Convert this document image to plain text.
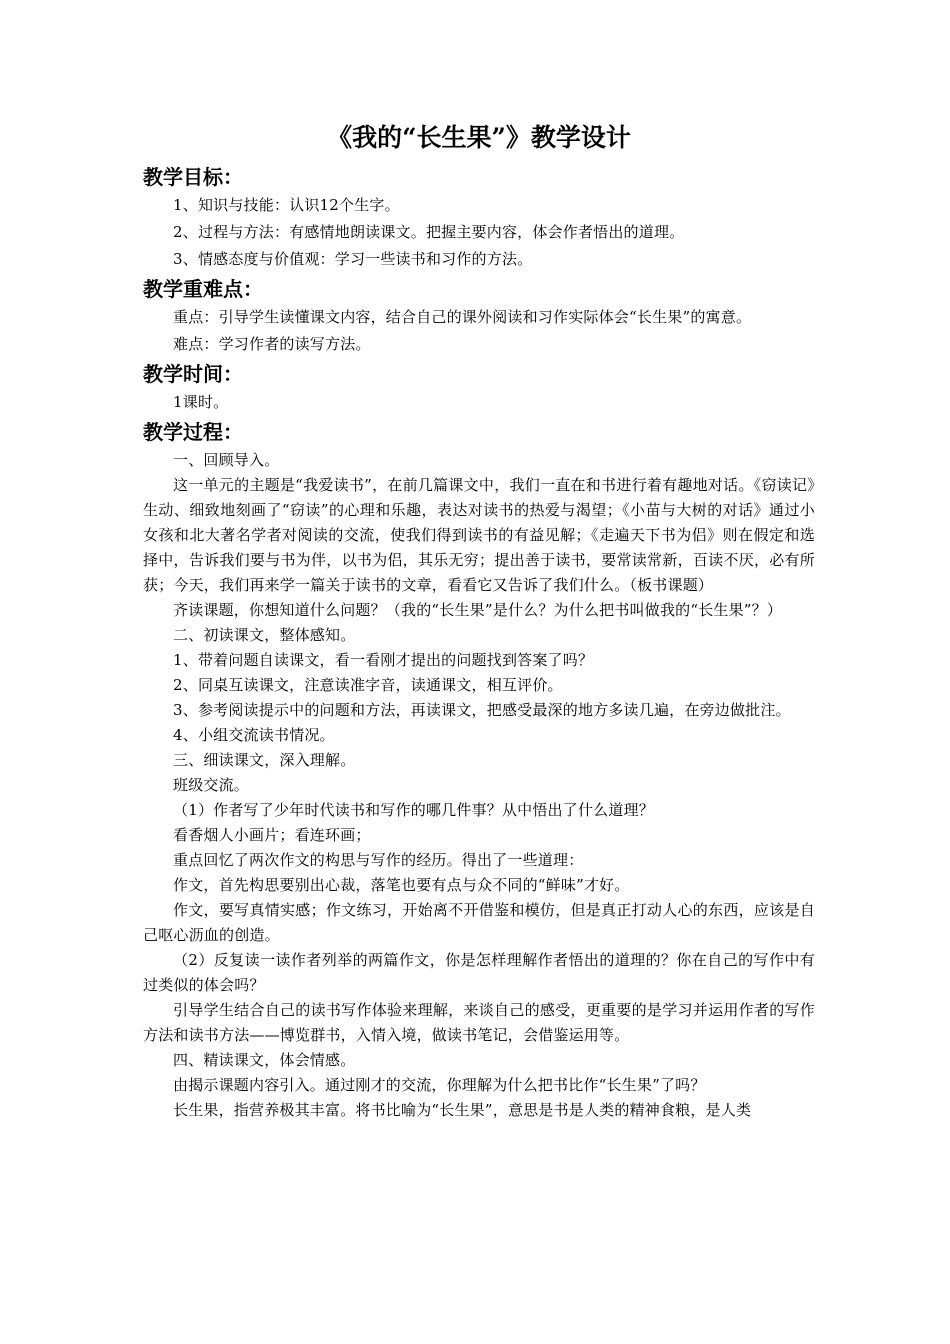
《我的“长生果”》教学设计
教学目标：

1、知识与技能：认识12个生字。

2、过程与方法：有感情地朗读课文。把握主要内容，体会作者悟出的道理。

3、情感态度与价值观：学习一些读书和习作的方法。

教学重难点：

重点：引导学生读懂课文内容，结合自己的课外阅读和习作实际体会“长生果”的寓意。

难点：学习作者的读写方法。

教学时间：

1课时。

教学过程：

一、回顾导入。

这一单元的主题是“我爱读书”，在前几篇课文中，我们一直在和书进行着有趣地对话。《窃读记》生动、细致地刻画了“窃读”的心理和乐趣，表达对读书的热爱与渴望；《小苗与大树的对话》通过小女孩和北大著名学者对阅读的交流，使我们得到读书的有益见解；《走遍天下书为侣》则在假定和选择中，告诉我们要与书为伴，以书为侣，其乐无穷；提出善于读书，要常读常新，百读不厌，必有所获；今天，我们再来学一篇关于读书的文章，看看它又告诉了我们什么。（板书课题）

齐读课题，你想知道什么问题？（我的“长生果”是什么？为什么把书叫做我的“长生果”？）

二、初读课文，整体感知。

1、带着问题自读课文，看一看刚才提出的问题找到答案了吗？

2、同桌互读课文，注意读准字音，读通课文，相互评价。

3、参考阅读提示中的问题和方法，再读课文，把感受最深的地方多读几遍，在旁边做批注。

4、小组交流读书情况。

三、细读课文，深入理解。

班级交流。

（1）作者写了少年时代读书和写作的哪几件事？从中悟出了什么道理？

看香烟人小画片；看连环画；

重点回忆了两次作文的构思与写作的经历。得出了一些道理：

作文，首先构思要别出心裁，落笔也要有点与众不同的“鲜味”才好。

作文，要写真情实感；作文练习，开始离不开借鉴和模仿，但是真正打动人心的东西，应该是自己呕心沥血的创造。

（2）反复读一读作者列举的两篇作文，你是怎样理解作者悟出的道理的？你在自己的写作中有过类似的体会吗？

引导学生结合自己的读书写作体验来理解，来谈自己的感受，更重要的是学习并运用作者的写作方法和读书方法——博览群书，入情入境，做读书笔记，会借鉴运用等。

四、精读课文，体会情感。

由揭示课题内容引入。通过刚才的交流，你理解为什么把书比作“长生果”了吗？

长生果，指营养极其丰富。将书比喻为“长生果”，意思是书是人类的精神食粮，是人类
